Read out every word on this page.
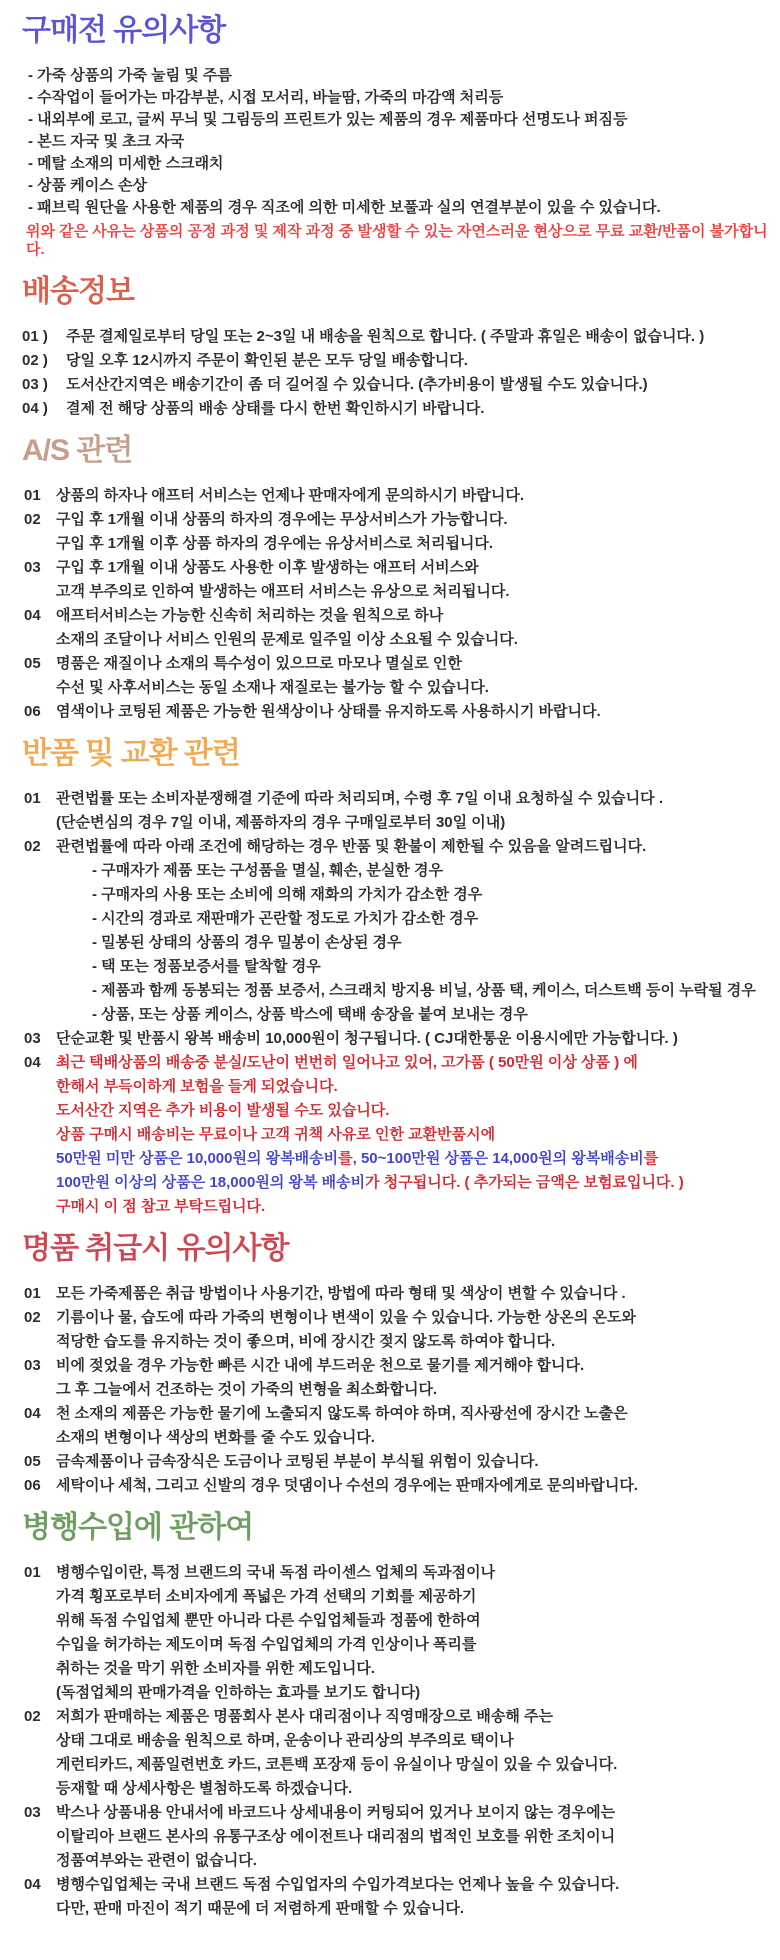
구매전 유의사항

- 가죽 상품의 가죽 눌림 및 주름

- 수작업이 들어가는 마감부분, 시접 모서리, 바늘땀, 가죽의 마감액 처리등

- 내외부에 로고, 글씨 무늬 및 그림등의 프린트가 있는 제품의 경우 제품마다 선명도나 퍼짐등

- 본드 자국 및 초크 자국

- 메탈 소재의 미세한 스크래치

- 상품 케이스 손상

- 패브릭 원단을 사용한 제품의 경우 직조에 의한 미세한 보풀과 실의 연결부분이 있을 수 있습니다.

위와 같은 사유는 상품의 공정 과정 및 제작 과정 중 발생할 수 있는 자연스러운 현상으로 무료 교환/반품이 불가합니다.

배송정보
01 )	주문 결제일로부터 당일 또는 2~3일 내 배송을 원칙으로 합니다. ( 주말과 휴일은 배송이 없습니다. )
02 )	당일 오후 12시까지 주문이 확인된 분은 모두 당일 배송합니다.
03 )	도서산간지역은 배송기간이 좀 더 길어질 수 있습니다. (추가비용이 발생될 수도 있습니다.)
04 )	결제 전 해당 상품의 배송 상태를 다시 한번 확인하시기 바랍니다.
A/S 관련
01	상품의 하자나 애프터 서비스는 언제나 판매자에게 문의하시기 바랍니다.
02	구입 후 1개월 이내 상품의 하자의 경우에는 무상서비스가 가능합니다.

구입 후 1개월 이후 상품 하자의 경우에는 유상서비스로 처리됩니다.

03	구입 후 1개월 이내 상품도 사용한 이후 발생하는 애프터 서비스와

고객 부주의로 인하여 발생하는 애프터 서비스는 유상으로 처리됩니다.

04	애프터서비스는 가능한 신속히 처리하는 것을 원칙으로 하나

소재의 조달이나 서비스 인원의 문제로 일주일 이상 소요될 수 있습니다.

05	명품은 재질이나 소재의 특수성이 있으므로 마모나 멸실로 인한

수선 및 사후서비스는 동일 소재나 재질로는 불가능 할 수 있습니다.

06	염색이나 코팅된 제품은 가능한 원색상이나 상태를 유지하도록 사용하시기 바랍니다.
반품 및 교환 관련
01	관련법률 또는 소비자분쟁해결 기준에 따라 처리되며, 수령 후 7일 이내 요청하실 수 있습니다 .

(단순변심의 경우 7일 이내, 제품하자의 경우 구매일로부터 30일 이내)

02	관련법률에 따라 아래 조건에 해당하는 경우 반품 및 환불이 제한될 수 있음을 알려드립니다.

- 구매자가 제품 또는 구성품을 멸실, 훼손, 분실한 경우

- 구매자의 사용 또는 소비에 의해 재화의 가치가 감소한 경우

- 시간의 경과로 재판매가 곤란할 정도로 가치가 감소한 경우

- 밀봉된 상태의 상품의 경우 밀봉이 손상된 경우

- 택 또는 정품보증서를 탈착할 경우

- 제품과 함께 동봉되는 정품 보증서, 스크래치 방지용 비닐, 상품 택, 케이스, 더스트백 등이 누락될 경우

- 상품, 또는 상품 케이스, 상품 박스에 택배 송장을 붙여 보내는 경우

03	단순교환 및 반품시 왕복 배송비 10,000원이 청구됩니다. ( CJ대한통운 이용시에만 가능합니다. )
04	최근 택배상품의 배송중 분실/도난이 번번히 일어나고 있어, 고가품 ( 50만원 이상 상품 ) 에

한해서 부득이하게 보험을 들게 되었습니다.

도서산간 지역은 추가 비용이 발생될 수도 있습니다.

상품 구매시 배송비는 무료이나 고객 귀책 사유로 인한 교환반품시에

50만원 미만 상품은 10,000원의 왕복배송비를, 50~100만원 상품은 14,000원의 왕복배송비를

100만원 이상의 상품은 18,000원의 왕복 배송비가 청구됩니다. ( 추가되는 금액은 보험료입니다. )

구매시 이 점 참고 부탁드립니다.

명품 취급시 유의사항
01	모든 가죽제품은 취급 방법이나 사용기간, 방법에 따라 형태 및 색상이 변할 수 있습니다 .
02	기름이나 물, 습도에 따라 가죽의 변형이나 변색이 있을 수 있습니다. 가능한 상온의 온도와

적당한 습도를 유지하는 것이 좋으며, 비에 장시간 젖지 않도록 하여야 합니다.

03	비에 젖었을 경우 가능한 빠른 시간 내에 부드러운 천으로 물기를 제거해야 합니다.

그 후 그늘에서 건조하는 것이 가죽의 변형을 최소화합니다.

04	천 소재의 제품은 가능한 물기에 노출되지 않도록 하여야 하며, 직사광선에 장시간 노출은

소재의 변형이나 색상의 변화를 줄 수도 있습니다.

05	금속제품이나 금속장식은 도금이나 코팅된 부분이 부식될 위험이 있습니다.
06	세탁이나 세척, 그리고 신발의 경우 덧댐이나 수선의 경우에는 판매자에게로 문의바랍니다.
병행수입에 관하여
01	병행수입이란, 특정 브랜드의 국내 독점 라이센스 업체의 독과점이나

가격 횡포로부터 소비자에게 폭넓은 가격 선택의 기회를 제공하기

위해 독점 수입업체 뿐만 아니라 다른 수입업체들과 정품에 한하여

수입을 허가하는 제도이며 독점 수입업체의 가격 인상이나 폭리를

취하는 것을 막기 위한 소비자를 위한 제도입니다.

(독점업체의 판매가격을 인하하는 효과를 보기도 합니다)

02	저희가 판매하는 제품은 명품회사 본사 대리점이나 직영매장으로 배송해 주는

상태 그대로 배송을 원칙으로 하며, 운송이나 관리상의 부주의로 택이나

게런티카드, 제품일련번호 카드, 코튼백 포장재 등이 유실이나 망실이 있을 수 있습니다.

등재할 때 상세사항은 별첨하도록 하겠습니다.

03	박스나 상품내용 안내서에 바코드나 상세내용이 커팅되어 있거나 보이지 않는 경우에는

이탈리아 브랜드 본사의 유통구조상 에이전트나 대리점의 법적인 보호를 위한 조치이니

정품여부와는 관련이 없습니다.

04	병행수입업체는 국내 브랜드 독점 수입업자의 수입가격보다는 언제나 높을 수 있습니다.

다만, 판매 마진이 적기 때문에 더 저렴하게 판매할 수 있습니다.
